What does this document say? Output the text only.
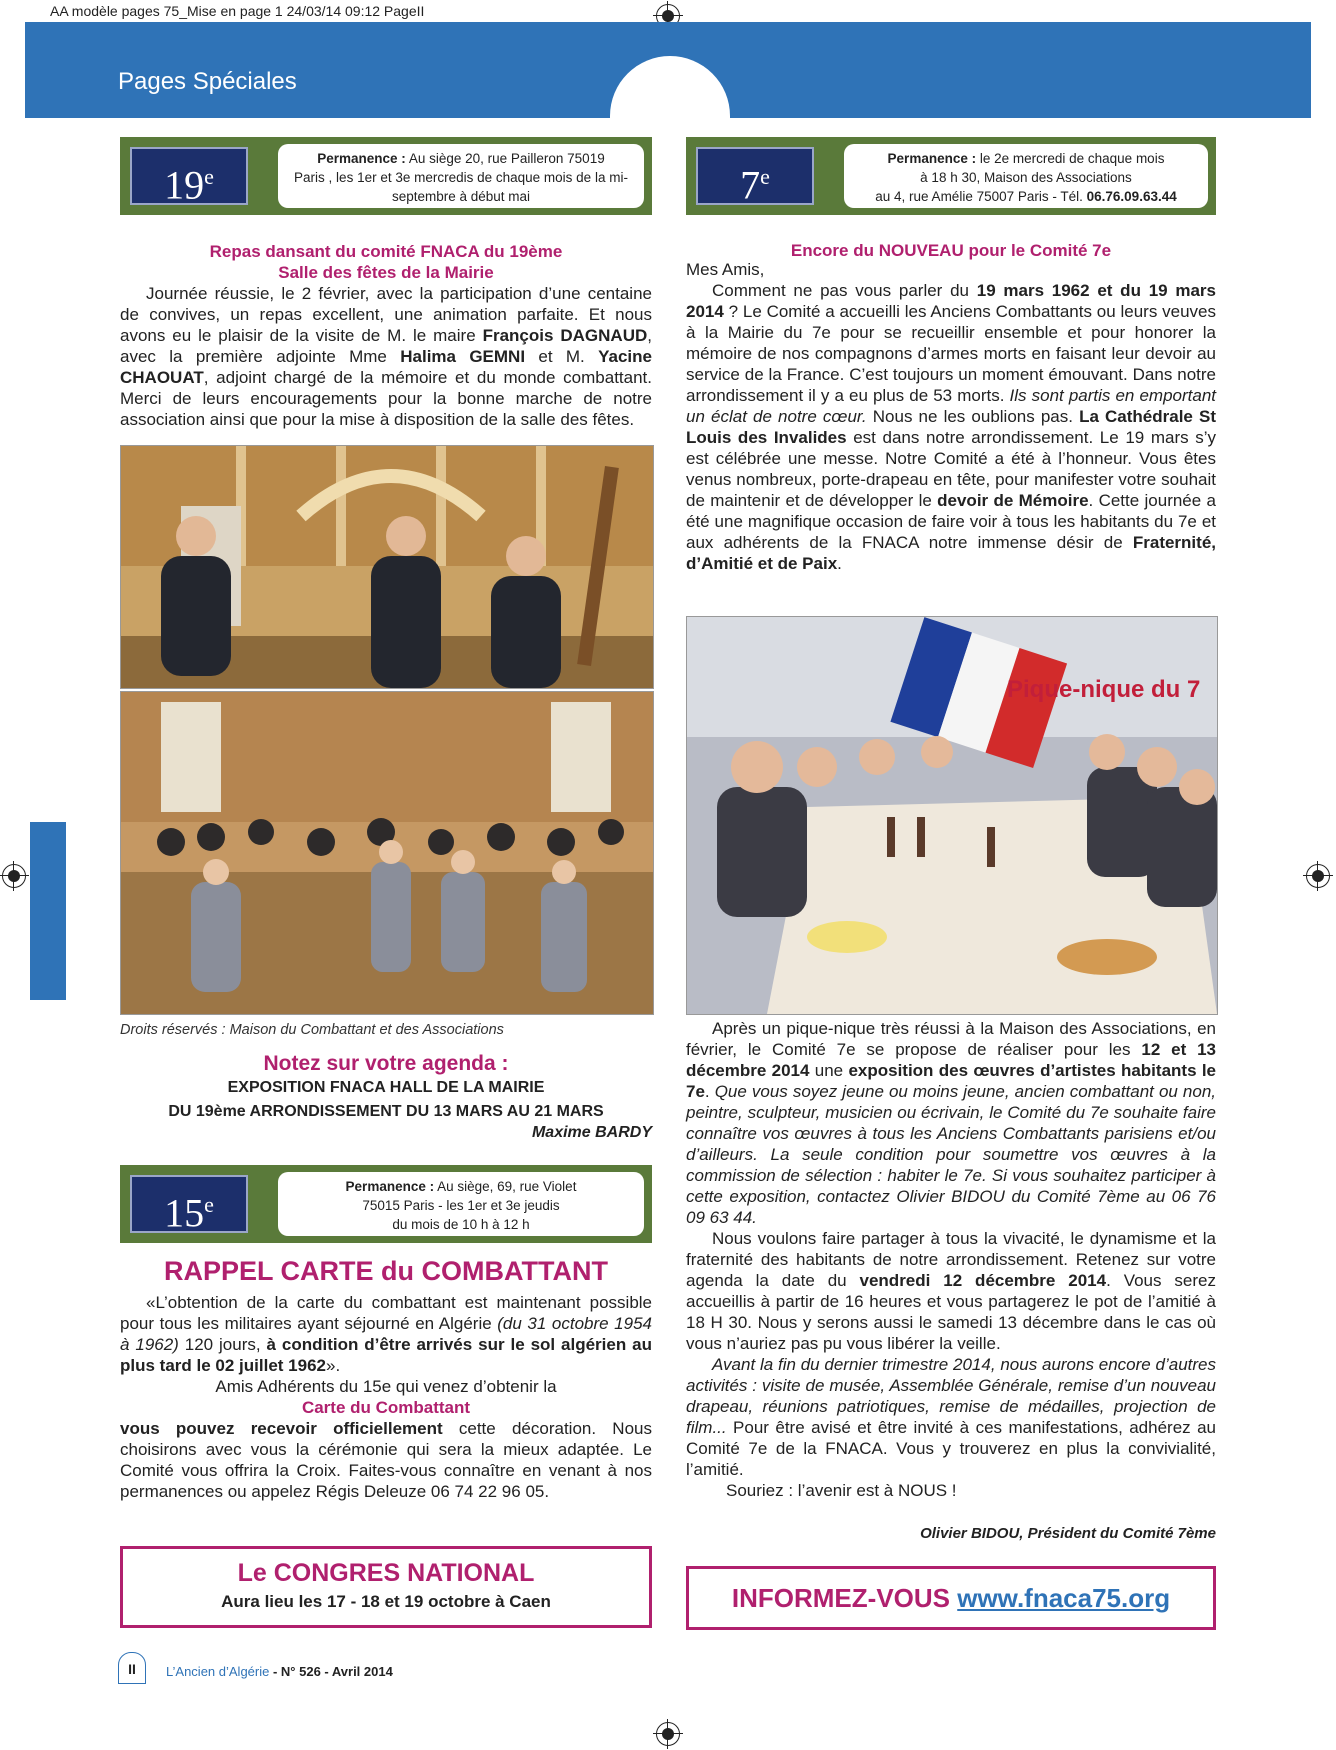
AA modèle pages 75_Mise en page 1 24/03/14 09:12 PageII
Pages Spéciales
19e
Permanence : Au siège 20, rue Pailleron 75019
Paris , les 1er et 3e mercredis de chaque mois de la mi-
septembre à début mai
Repas dansant du comité FNACA du 19ème
Salle des fêtes de la Mairie

Journée réussie, le 2 février, avec la participation d’une centaine de convives, un repas excellent, une animation parfaite. Et nous avons eu le plaisir de la visite de M. le maire François DAGNAUD, avec la première adjointe Mme Halima GEMNI et M. Yacine CHAOUAT, adjoint chargé de la mémoire et du monde combattant. Merci de leurs encouragements pour la bonne marche de notre association ainsi que pour la mise à disposition de la salle des fêtes.

Droits réservés : Maison du Combattant et des Associations
Notez sur votre agenda :
EXPOSITION FNACA HALL DE LA MAIRIE
DU 19ème ARRONDISSEMENT DU 13 MARS AU 21 MARS
Maxime BARDY
15e
Permanence : Au siège, 69, rue Violet
75015 Paris - les 1er et 3e jeudis
du mois de 10 h à 12 h
RAPPEL CARTE du COMBATTANT

«L’obtention de la carte du combattant est maintenant possible pour tous les militaires ayant séjourné en Algérie (du 31 octobre 1954 à 1962) 120 jours, à condition d’être arrivés sur le sol algérien au plus tard le 02 juillet 1962».

Amis Adhérents du 15e qui venez d’obtenir la
Carte du Combattant
vous pouvez recevoir officiellement cette décoration. Nous choisirons avec vous la cérémonie qui sera la mieux adaptée. Le Comité vous offrira la Croix. Faites-vous connaître en venant à nos permanences ou appelez Régis Deleuze 06 74 22 96 05.
Le CONGRES NATIONAL
Aura lieu les 17 - 18 et 19 octobre à Caen
7e
Permanence : le 2e mercredi de chaque mois
à 18 h 30, Maison des Associations
au 4, rue Amélie 75007 Paris - Tél. 06.76.09.63.44
Encore du NOUVEAU pour le Comité 7e
Mes Amis,

Comment ne pas vous parler du 19 mars 1962 et du 19 mars 2014 ? Le Comité a accueilli les Anciens Combattants ou leurs veuves à la Mairie du 7e pour se recueillir ensemble et pour honorer la mémoire de nos compagnons d’armes morts en faisant leur devoir au service de la France. C’est toujours un moment émouvant. Dans notre arrondissement il y a eu plus de 53 morts. Ils sont partis en emportant un éclat de notre cœur. Nous ne les oublions pas. La Cathédrale St Louis des Invalides est dans notre arrondissement. Le 19 mars s’y est célébrée une messe. Notre Comité a été à l’honneur. Vous êtes venus nombreux, porte-drapeau en tête, pour manifester votre souhait de maintenir et de développer le devoir de Mémoire. Cette journée a été une magnifique occasion de faire voir à tous les habitants du 7e et aux adhérents de la FNACA notre immense désir de Fraternité, d’Amitié et de Paix.

Pique-nique du 7

Après un pique-nique très réussi à la Maison des Associations, en février, le Comité 7e se propose de réaliser pour les 12 et 13 décembre 2014 une exposition des œuvres d’artistes habitants le 7e. Que vous soyez jeune ou moins jeune, ancien combattant ou non, peintre, sculpteur, musicien ou écrivain, le Comité du 7e souhaite faire connaître vos œuvres à tous les Anciens Combattants parisiens et/ou d’ailleurs. La seule condition pour soumettre vos œuvres à la commission de sélection : habiter le 7e. Si vous souhaitez participer à cette exposition, contactez Olivier BIDOU du Comité 7ème au 06 76 09 63 44.

Nous voulons faire partager à tous la vivacité, le dynamisme et la fraternité des habitants de notre arrondissement. Retenez sur votre agenda la date du vendredi 12 décembre 2014. Vous serez accueillis à partir de 16 heures et vous partagerez le pot de l’amitié à 18 H 30. Nous y serons aussi le samedi 13 décembre dans le cas où vous n’auriez pas pu vous libérer la veille.

Avant la fin du dernier trimestre 2014, nous aurons encore d’autres activités : visite de musée, Assemblée Générale, remise d’un nouveau drapeau, réunions patriotiques, remise de médailles, projection de film... Pour être avisé et être invité à ces manifestations, adhérez au Comité 7e de la FNACA. Vous y trouverez en plus la convivialité, l’amitié.

Souriez : l’avenir est à NOUS !

Olivier BIDOU, Président du Comité 7ème
INFORMEZ-VOUS www.fnaca75.org
II	L’Ancien d’Algérie - N° 526 - Avril 2014
